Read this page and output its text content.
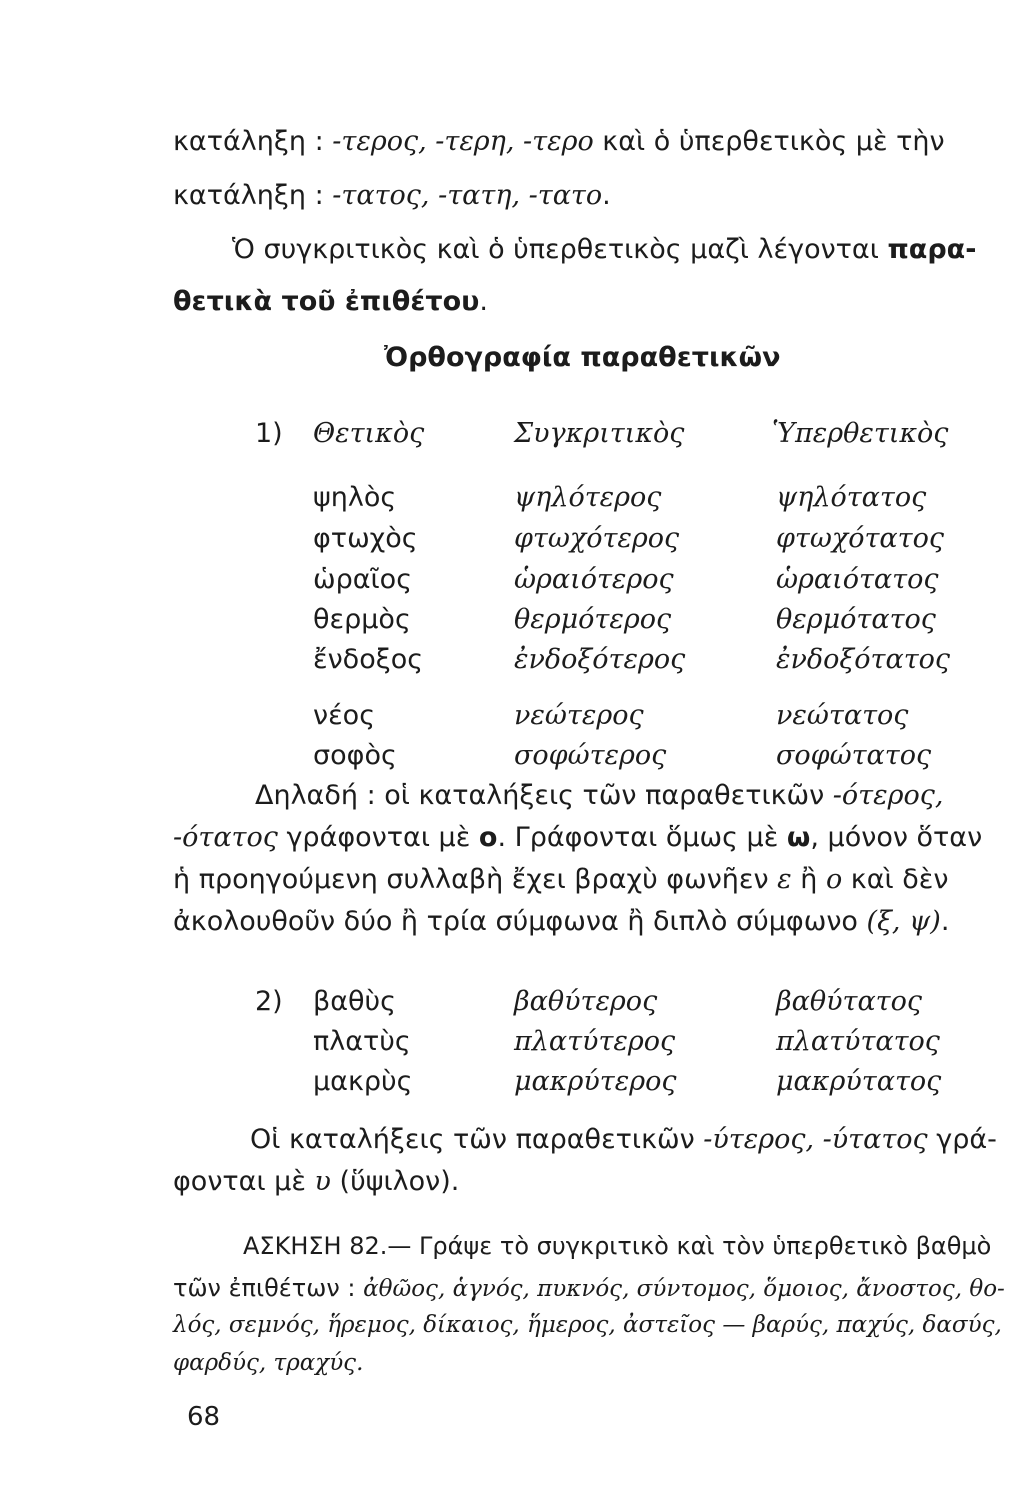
κατάληξη : -τερος, -τερη, -τερο καὶ ὁ ὑπερθετικὸς μὲ τὴν
κατάληξη : -τατος, -τατη, -τατο.
Ὁ συγκριτικὸς καὶ ὁ ὑπερθετικὸς μαζὶ λέγονται παρα-
θετικὰ τοῦ ἐπιθέτου.
Ὀρθογραφία παραθετικῶν
1) Θετικὸς	Συγκριτικὸς	Ὑπερθετικὸς
ψηλὸς	ψηλότερος	ψηλότατος
φτωχὸς	φτωχότερος	φτωχότατος
ὡραῖος	ὡραιότερος	ὡραιότατος
θερμὸς	θερμότερος	θερμότατος
ἔνδοξος	ἐνδοξότερος	ἐνδοξότατος
νέος	νεώτερος	νεώτατος
σοφὸς	σοφώτερος	σοφώτατος
Δηλαδή : οἱ καταλήξεις τῶν παραθετικῶν -ότερος,
-ότατος γράφονται μὲ ο. Γράφονται ὅμως μὲ ω, μόνον ὅταν
ἡ προηγούμενη συλλαβὴ ἔχει βραχὺ φωνῆεν ε ἢ ο καὶ δὲν
ἀκολουθοῦν δύο ἢ τρία σύμφωνα ἢ διπλὸ σύμφωνο (ξ, ψ).
2) βαθὺς	βαθύτερος	βαθύτατος
πλατὺς	πλατύτερος	πλατύτατος
μακρὺς	μακρύτερος	μακρύτατος
Οἱ καταλήξεις τῶν παραθετικῶν -ύτερος, -ύτατος γρά-
φονται μὲ υ (ὕψιλον).
ΑΣΚΗΣΗ 82.— Γράψε τὸ συγκριτικὸ καὶ τὸν ὑπερθετικὸ βαθμὸ
τῶν ἐπιθέτων : ἀθῶος, ἁγνός, πυκνός, σύντομος, ὅμοιος, ἄνοστος, θο-
λός, σεμνός, ἥρεμος, δίκαιος, ἥμερος, ἀστεῖος — βαρύς, παχύς, δασύς,
φαρδύς, τραχύς.
68
